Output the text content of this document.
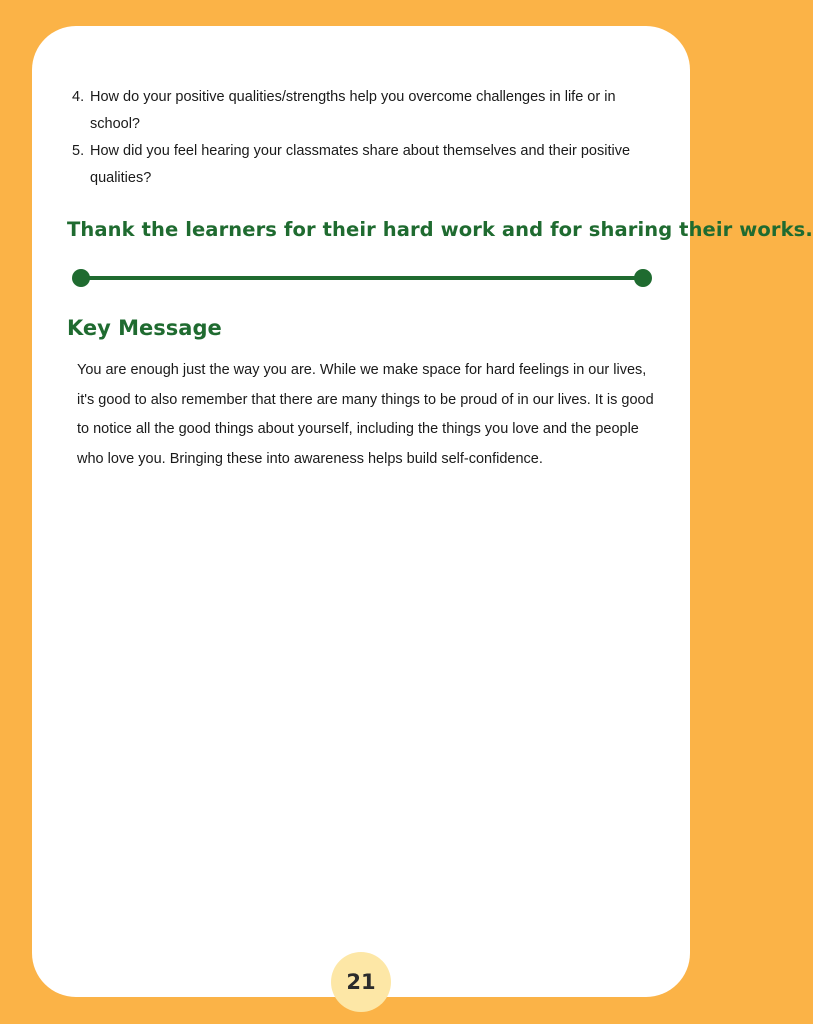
4. How do your positive qualities/strengths help you overcome challenges in life or in school?
5. How did you feel hearing your classmates share about themselves and their positive qualities?
Thank the learners for their hard work and for sharing their works.
Key Message

You are enough just the way you are. While we make space for hard feelings in our lives, it's good to also remember that there are many things to be proud of in our lives. It is good to notice all the good things about yourself, including the things you love and the people who love you. Bringing these into awareness helps build self-confidence.

21
